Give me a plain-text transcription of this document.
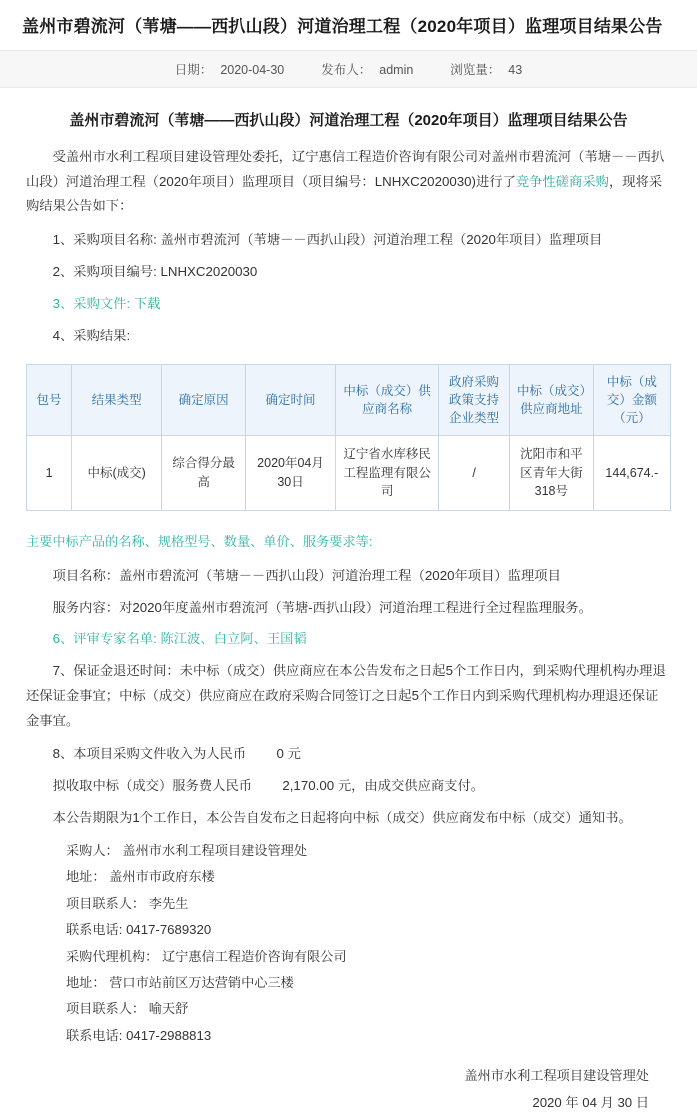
盖州市碧流河（苇塘——西扒山段）河道治理工程（2020年项目）监理项目结果公告
日期： 2020-04-30	发布人： admin	浏览量： 43
盖州市碧流河（苇塘——西扒山段）河道治理工程（2020年项目）监理项目结果公告

受盖州市水利工程项目建设管理处委托，辽宁惠信工程造价咨询有限公司对盖州市碧流河（苇塘－－西扒山段）河道治理工程（2020年项目）监理项目（项目编号：LNHXC2020030)进行了竞争性磋商采购，现将采购结果公告如下：

1、采购项目名称: 盖州市碧流河（苇塘－－西扒山段）河道治理工程（2020年项目）监理项目

2、采购项目编号: LNHXC2020030

3、采购文件: 下载

4、采购结果:

包号	结果类型	确定原因	确定时间	中标（成交）供应商名称	政府采购政策支持企业类型	中标（成交）供应商地址	中标（成交）金额（元）
1	中标(成交)	综合得分最高	2020年04月30日	辽宁省水库移民工程监理有限公司	/	沈阳市和平区青年大街318号	144,674.-
主要中标产品的名称、规格型号、数量、单价、服务要求等:

项目名称：盖州市碧流河（苇塘－－西扒山段）河道治理工程（2020年项目）监理项目

服务内容：对2020年度盖州市碧流河（苇塘-西扒山段）河道治理工程进行全过程监理服务。

6、评审专家名单: 陈江波、白立阿、王国韬

7、保证金退还时间：未中标（成交）供应商应在本公告发布之日起5个工作日内，到采购代理机构办理退还保证金事宜；中标（成交）供应商应在政府采购合同签订之日起5个工作日内到采购代理机构办理退还保证金事宜。

8、本项目采购文件收入为人民币 0 元

拟收取中标（成交）服务费人民币 2,170.00 元，由成交供应商支付。

本公告期限为1个工作日，本公告自发布之日起将向中标（成交）供应商发布中标（成交）通知书。

采购人： 盖州市水利工程项目建设管理处
地址： 盖州市市政府东楼
项目联系人： 李先生
联系电话: 0417-7689320
采购代理机构： 辽宁惠信工程造价咨询有限公司
地址： 营口市站前区万达营销中心三楼
项目联系人： 喻天舒
联系电话: 0417-2988813
盖州市水利工程项目建设管理处
2020 年 04 月 30 日
